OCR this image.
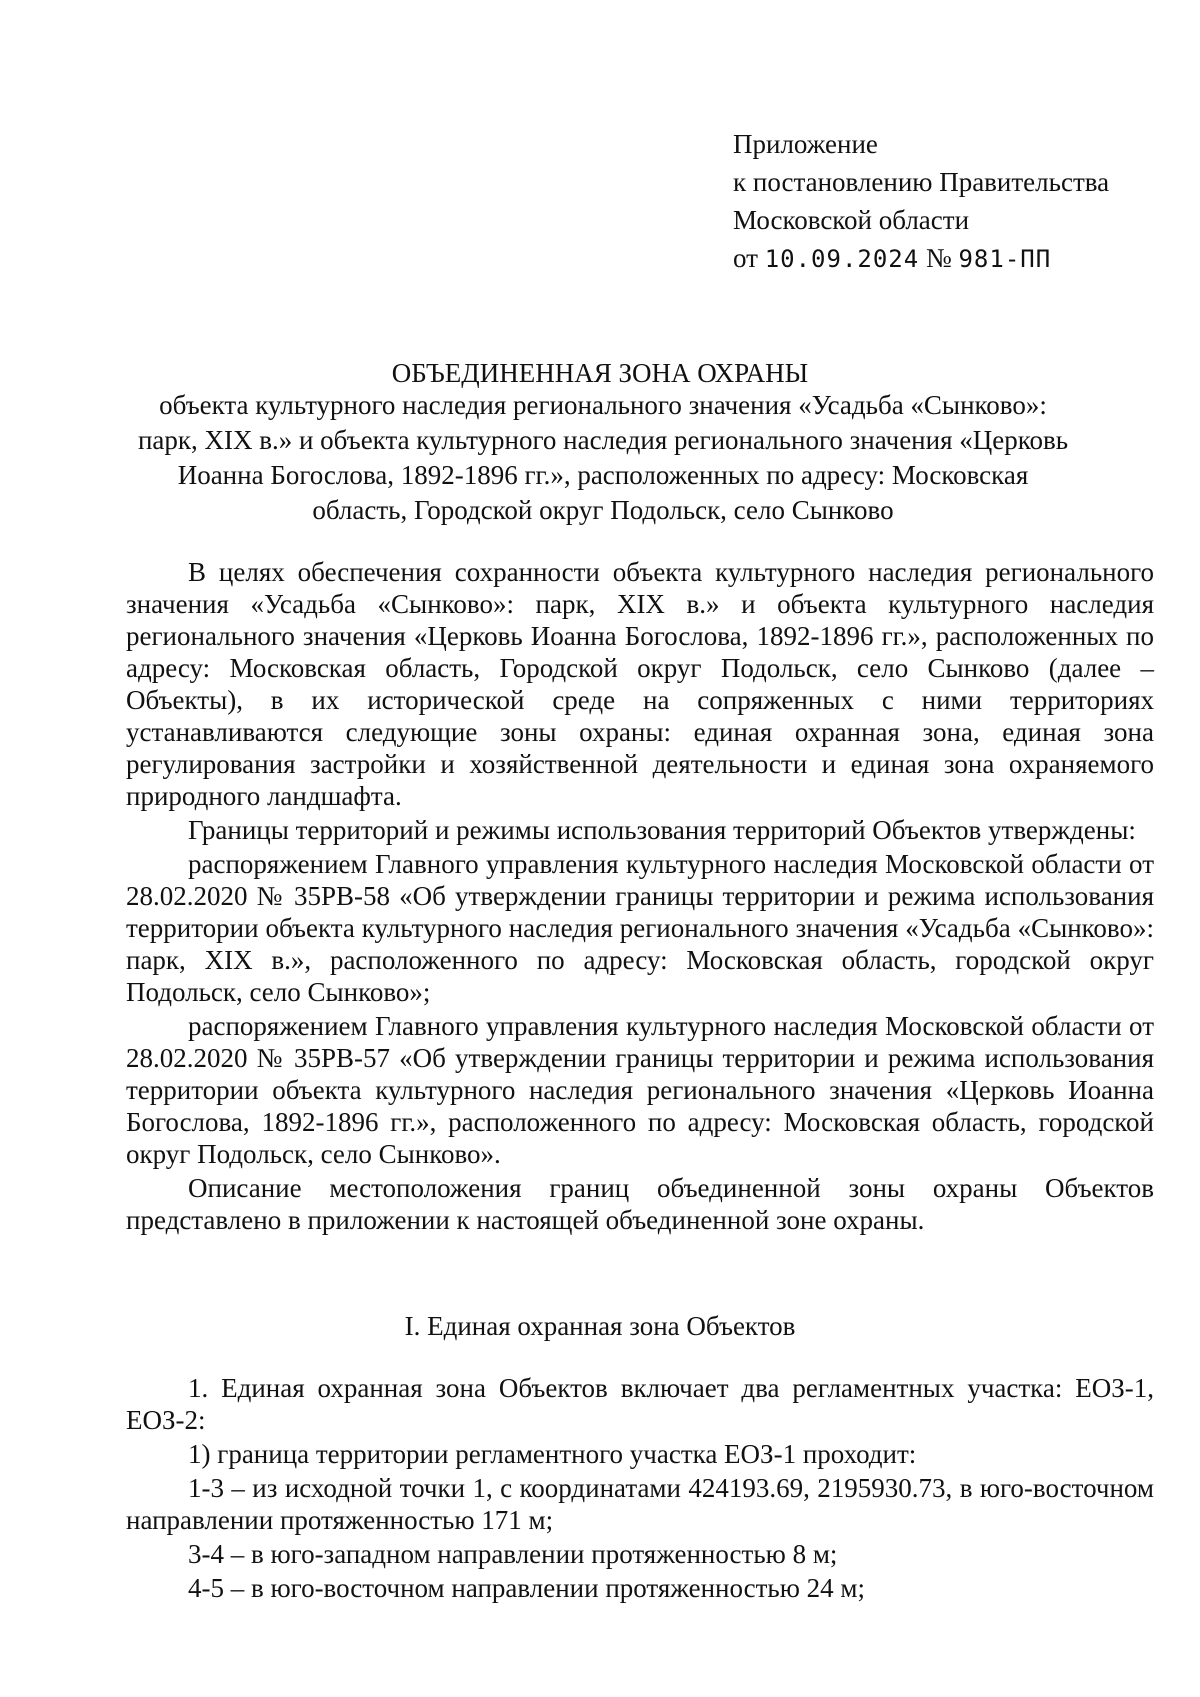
Приложение
к постановлению Правительства
Московской области
от 10.09.2024 № 981-ПП
ОБЪЕДИНЕННАЯ ЗОНА ОХРАНЫ
объекта культурного наследия регионального значения «Усадьба «Сынково»: парк, XIX в.» и объекта культурного наследия регионального значения «Церковь Иоанна Богослова, 1892-1896 гг.», расположенных по адресу: Московская область, Городской округ Подольск, село Сынково

В целях обеспечения сохранности объекта культурного наследия регионального значения «Усадьба «Сынково»: парк, XIX в.» и объекта культурного наследия регионального значения «Церковь Иоанна Богослова, 1892-1896 гг.», расположенных по адресу: Московская область, Городской округ Подольск, село Сынково (далее – Объекты), в их исторической среде на сопряженных с ними территориях устанавливаются следующие зоны охраны: единая охранная зона, единая зона регулирования застройки и хозяйственной деятельности и единая зона охраняемого природного ландшафта.

Границы территорий и режимы использования территорий Объектов утверждены:

распоряжением Главного управления культурного наследия Московской области от 28.02.2020 № 35РВ-58 «Об утверждении границы территории и режима использования территории объекта культурного наследия регионального значения «Усадьба «Сынково»: парк, XIX в.», расположенного по адресу: Московская область, городской округ Подольск, село Сынково»;

распоряжением Главного управления культурного наследия Московской области от 28.02.2020 № 35РВ-57 «Об утверждении границы территории и режима использования территории объекта культурного наследия регионального значения «Церковь Иоанна Богослова, 1892-1896 гг.», расположенного по адресу: Московская область, городской округ Подольск, село Сынково».

Описание местоположения границ объединенной зоны охраны Объектов представлено в приложении к настоящей объединенной зоне охраны.

I. Единая охранная зона Объектов

1. Единая охранная зона Объектов включает два регламентных участка: ЕОЗ-1, ЕОЗ-2:

1) граница территории регламентного участка ЕОЗ-1 проходит:

1-3 – из исходной точки 1, с координатами 424193.69, 2195930.73, в юго-восточном направлении протяженностью 171 м;

3-4 – в юго-западном направлении протяженностью 8 м;

4-5 – в юго-восточном направлении протяженностью 24 м;
